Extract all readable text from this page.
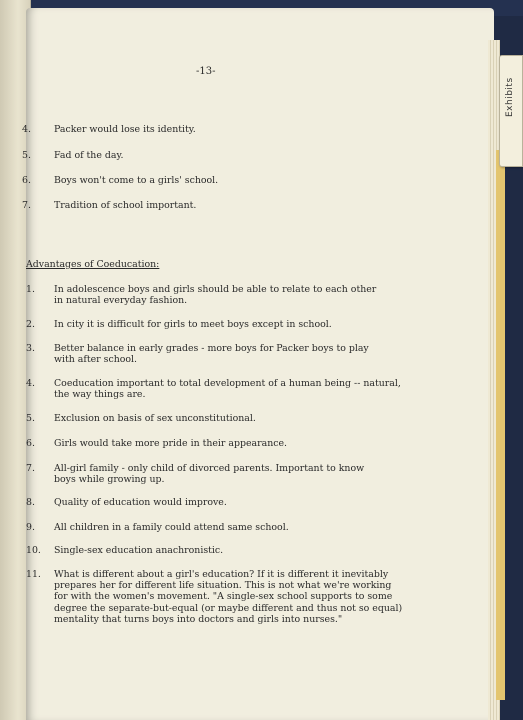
Exhibits
-13-
4.	Packer would lose its identity.
5.	Fad of the day.
6.	Boys won't come to a girls' school.
7.	Tradition of school important.
Advantages of Coeducation:
1.	In adolescence boys and girls should be able to relate to each other
in natural everyday fashion.
2.	In city it is difficult for girls to meet boys except in school.
3.	Better balance in early grades - more boys for Packer boys to play
with after school.
4.	Coeducation important to total development of a human being -- natural,
the way things are.
5.	Exclusion on basis of sex unconstitutional.
6.	Girls would take more pride in their appearance.
7.	All-girl family - only child of divorced parents. Important to know
boys while growing up.
8.	Quality of education would improve.
9.	All children in a family could attend same school.
10.	Single-sex education anachronistic.
11.	What is different about a girl's education? If it is different it inevitably
prepares her for different life situation. This is not what we're working
for with the women's movement. "A single-sex school supports to some
degree the separate-but-equal (or maybe different and thus not so equal)
mentality that turns boys into doctors and girls into nurses."
